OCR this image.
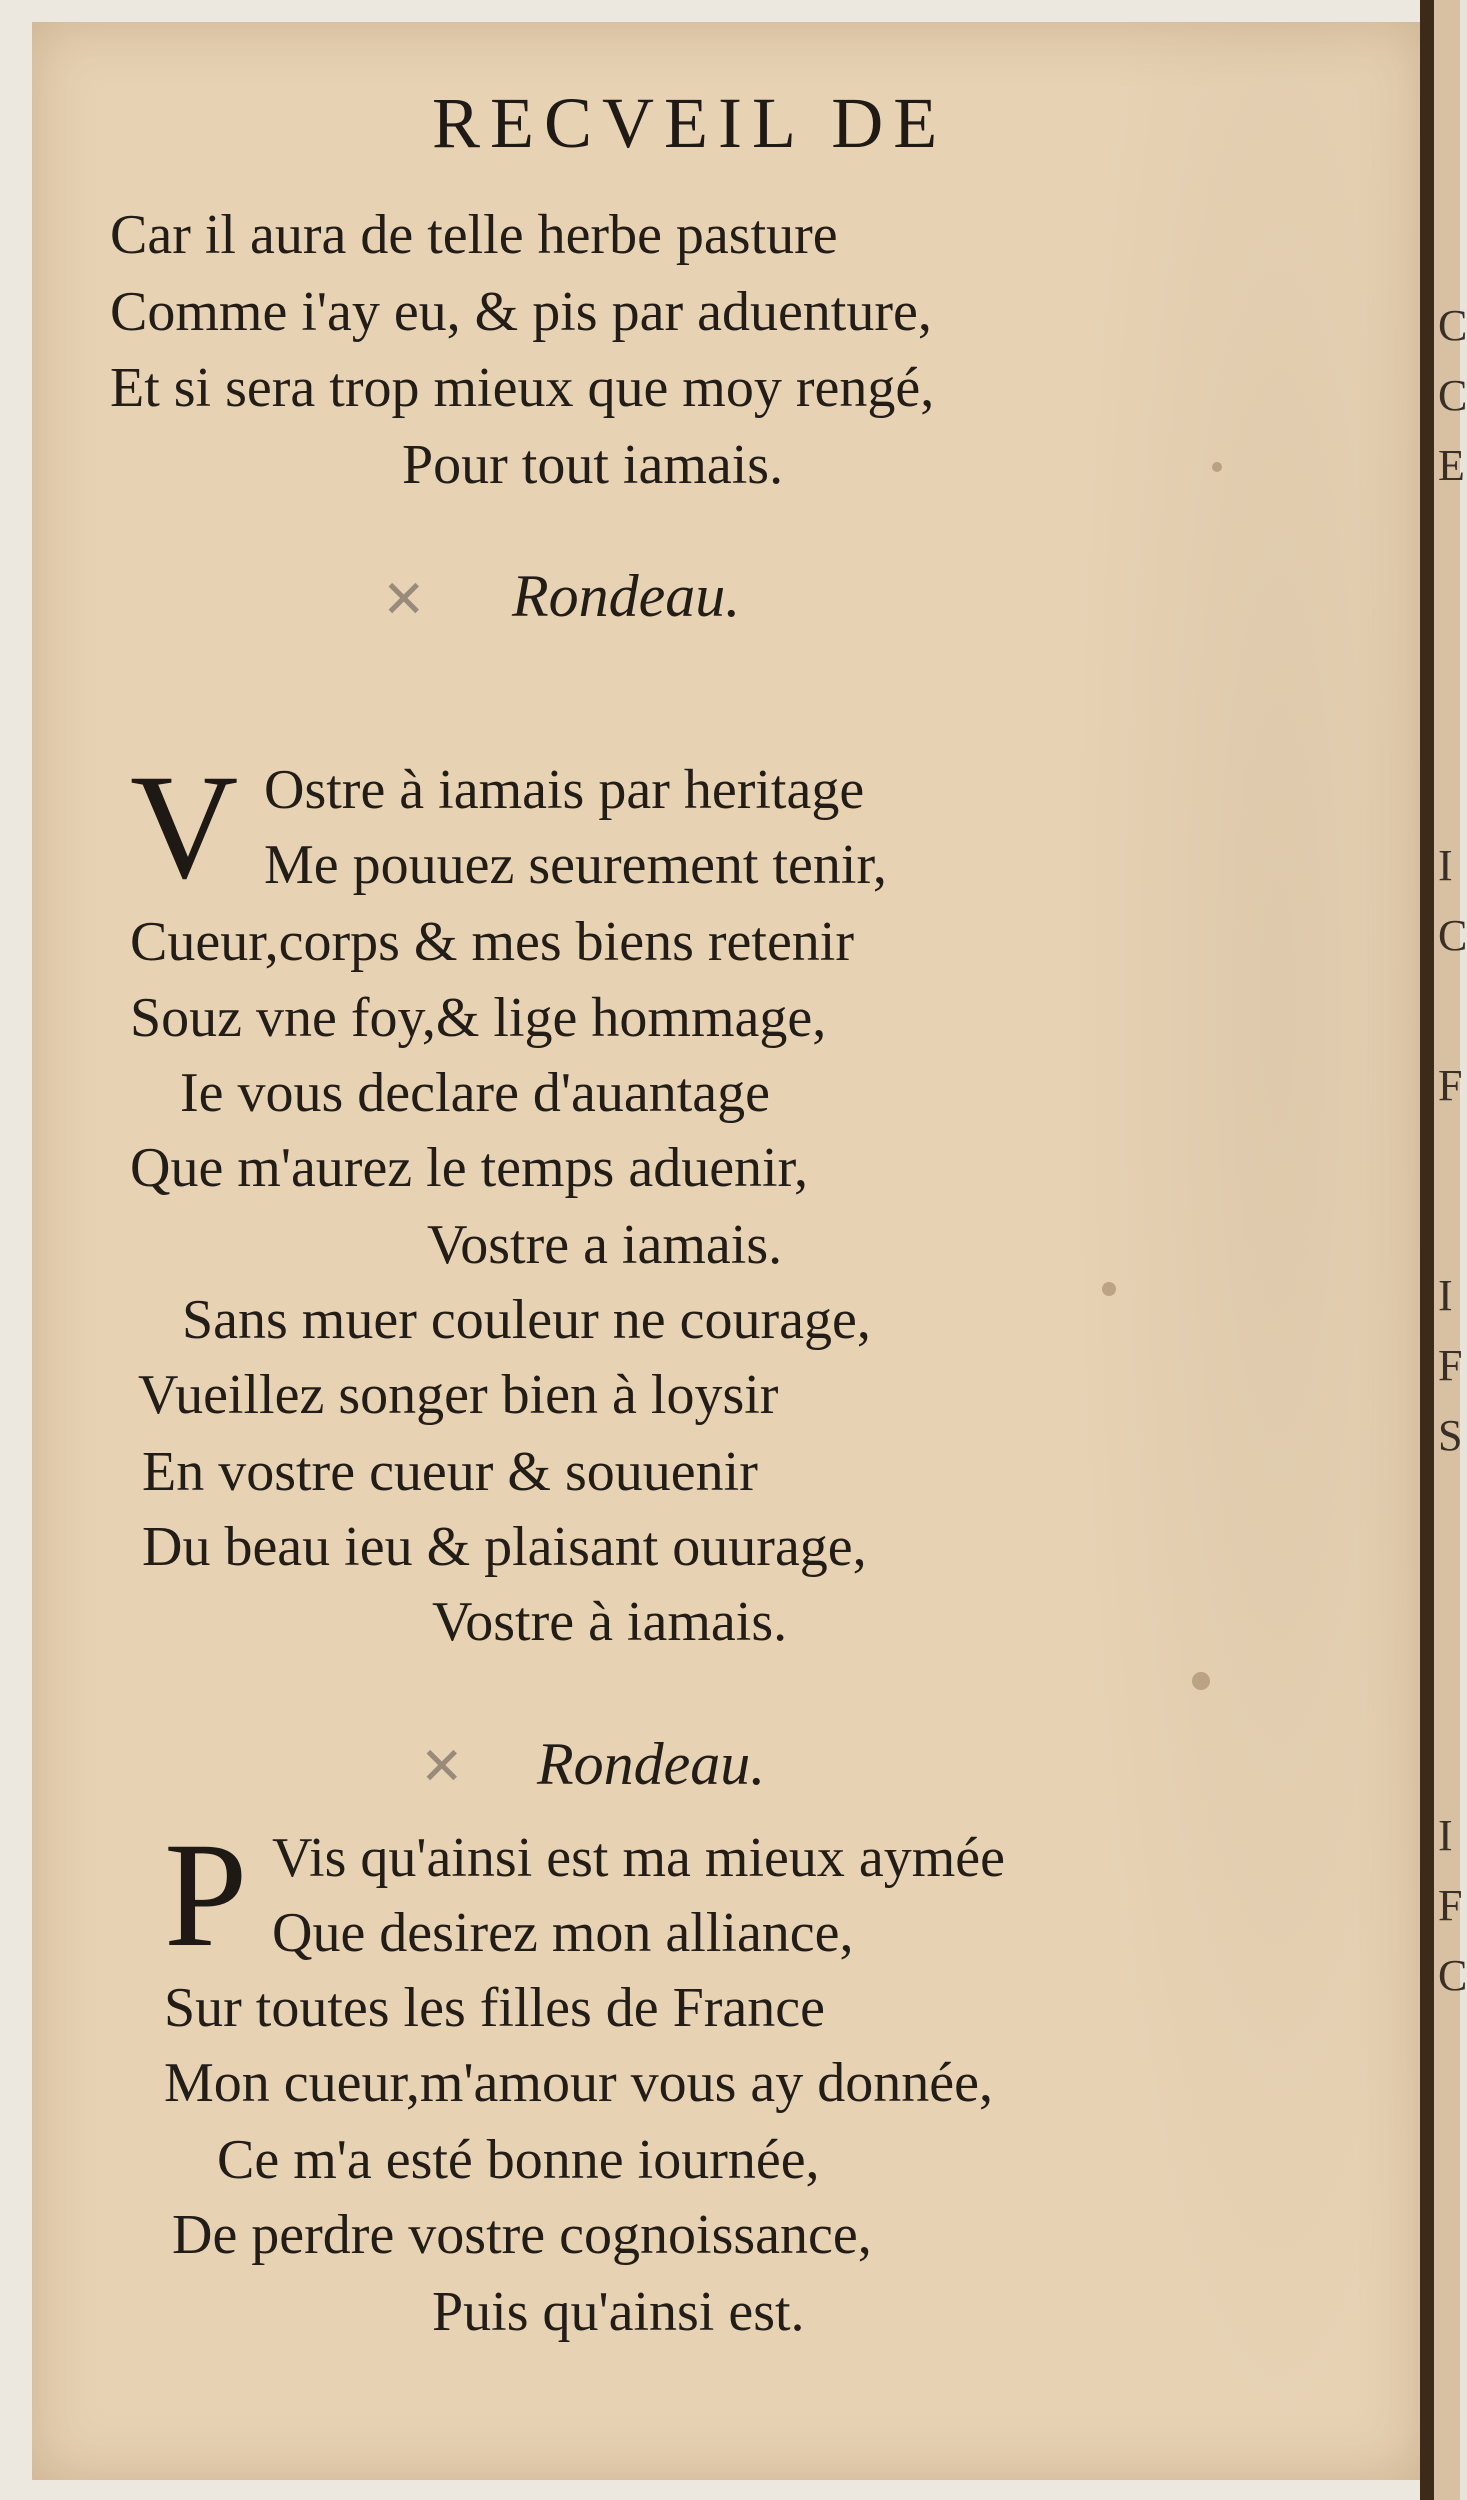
RECVEIL DE
Car il aura de telle herbe pasture
Comme i'ay eu, & pis par aduenture,
Et si sera trop mieux que moy rengé,
Pour tout iamais.
✕ Rondeau.
V Ostre à iamais par heritage
Me pouuez seurement tenir,
Cueur,corps & mes biens retenir
Souz vne foy,& lige hommage,
Ie vous declare d'auantage
Que m'aurez le temps aduenir,
Vostre a iamais.
Sans muer couleur ne courage,
Vueillez songer bien à loysir
En vostre cueur & souuenir
Du beau ieu & plaisant ouurage,
Vostre à iamais.
✕ Rondeau.
P Vis qu'ainsi est ma mieux aymée
Que desirez mon alliance,
Sur toutes les filles de France
Mon cueur,m'amour vous ay donnée,
Ce m'a esté bonne iournée,
De perdre vostre cognoissance,
Puis qu'ainsi est.
C
C
E
I
C
F
I
F
S
I
F
C
